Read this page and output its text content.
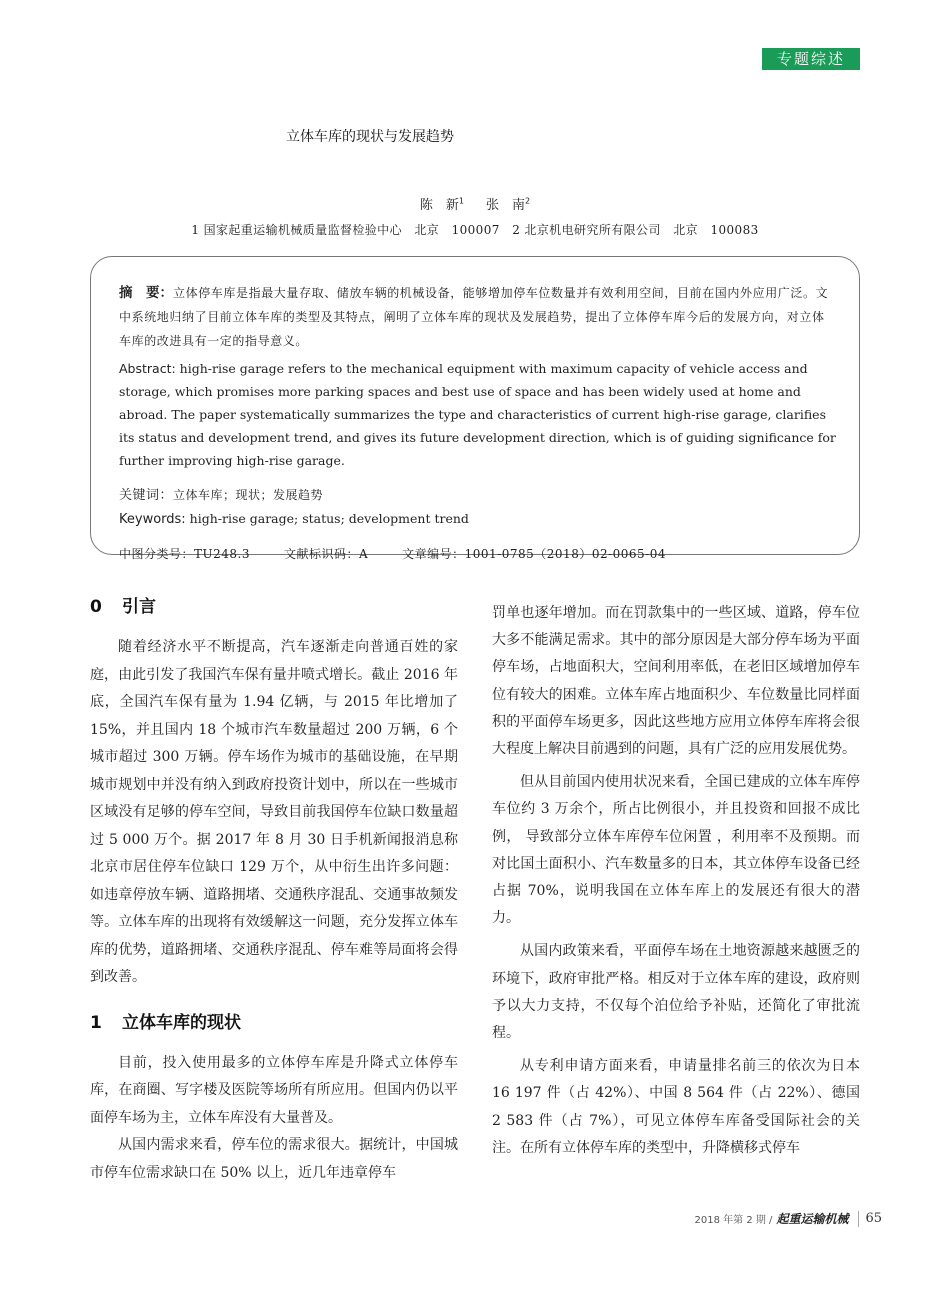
专题综述
立体车库的现状与发展趋势
陈　新$^1$ 张　南$^2$
1 国家起重运输机械质量监督检验中心　北京　100007　2 北京机电研究所有限公司　北京　100083

摘　要：立体停车库是指最大量存取、储放车辆的机械设备，能够增加停车位数量并有效利用空间，目前在国内外应用广泛。文中系统地归纳了目前立体车库的类型及其特点，阐明了立体车库的现状及发展趋势，提出了立体停车库今后的发展方向，对立体车库的改进具有一定的指导意义。

Abstract: high-rise garage refers to the mechanical equipment with maximum capacity of vehicle access and storage, which promises more parking spaces and best use of space and has been widely used at home and abroad. The paper systematically summarizes the type and characteristics of current high-rise garage, clarifies its status and development trend, and gives its future development direction, which is of guiding significance for further improving high-rise garage.

关键词：立体车库；现状；发展趋势

Keywords: high-rise garage; status; development trend

中图分类号：TU248.3	文献标识码：A	文章编号：1001-0785（2018）02-0065-04

0 引言

随着经济水平不断提高，汽车逐渐走向普通百姓的家庭，由此引发了我国汽车保有量井喷式增长。截止 2016 年底，全国汽车保有量为 1.94 亿辆，与 2015 年比增加了 15%，并且国内 18 个城市汽车数量超过 200 万辆，6 个城市超过 300 万辆。停车场作为城市的基础设施，在早期城市规划中并没有纳入到政府投资计划中，所以在一些城市区域没有足够的停车空间，导致目前我国停车位缺口数量超过 5 000 万个。据 2017 年 8 月 30 日手机新闻报消息称北京市居住停车位缺口 129 万个，从中衍生出许多问题：如违章停放车辆、道路拥堵、交通秩序混乱、交通事故频发等。立体车库的出现将有效缓解这一问题，充分发挥立体车库的优势，道路拥堵、交通秩序混乱、停车难等局面将会得到改善。

1 立体车库的现状

目前，投入使用最多的立体停车库是升降式立体停车库，在商圈、写字楼及医院等场所有所应用。但国内仍以平面停车场为主，立体车库没有大量普及。

从国内需求来看，停车位的需求很大。据统计，中国城市停车位需求缺口在 50% 以上，近几年违章停车

罚单也逐年增加。而在罚款集中的一些区域、道路，停车位大多不能满足需求。其中的部分原因是大部分停车场为平面停车场，占地面积大，空间利用率低，在老旧区域增加停车位有较大的困难。立体车库占地面积少、车位数量比同样面积的平面停车场更多，因此这些地方应用立体停车库将会很大程度上解决目前遇到的问题，具有广泛的应用发展优势。

但从目前国内使用状况来看，全国已建成的立体车库停车位约 3 万余个，所占比例很小，并且投资和回报不成比例， 导致部分立体车库停车位闲置 ，利用率不及预期。而对比国土面积小、汽车数量多的日本，其立体停车设备已经占据 70%，说明我国在立体车库上的发展还有很大的潜力。

从国内政策来看，平面停车场在土地资源越来越匮乏的环境下，政府审批严格。相反对于立体车库的建设，政府则予以大力支持，不仅每个泊位给予补贴，还简化了审批流程。

从专利申请方面来看，申请量排名前三的依次为日本 16 197 件（占 42%）、中国 8 564 件（占 22%）、德国 2 583 件（占 7%），可见立体停车库备受国际社会的关注。在所有立体停车库的类型中，升降横移式停车

2018 年第 2 期 / 起重运输机械 65
